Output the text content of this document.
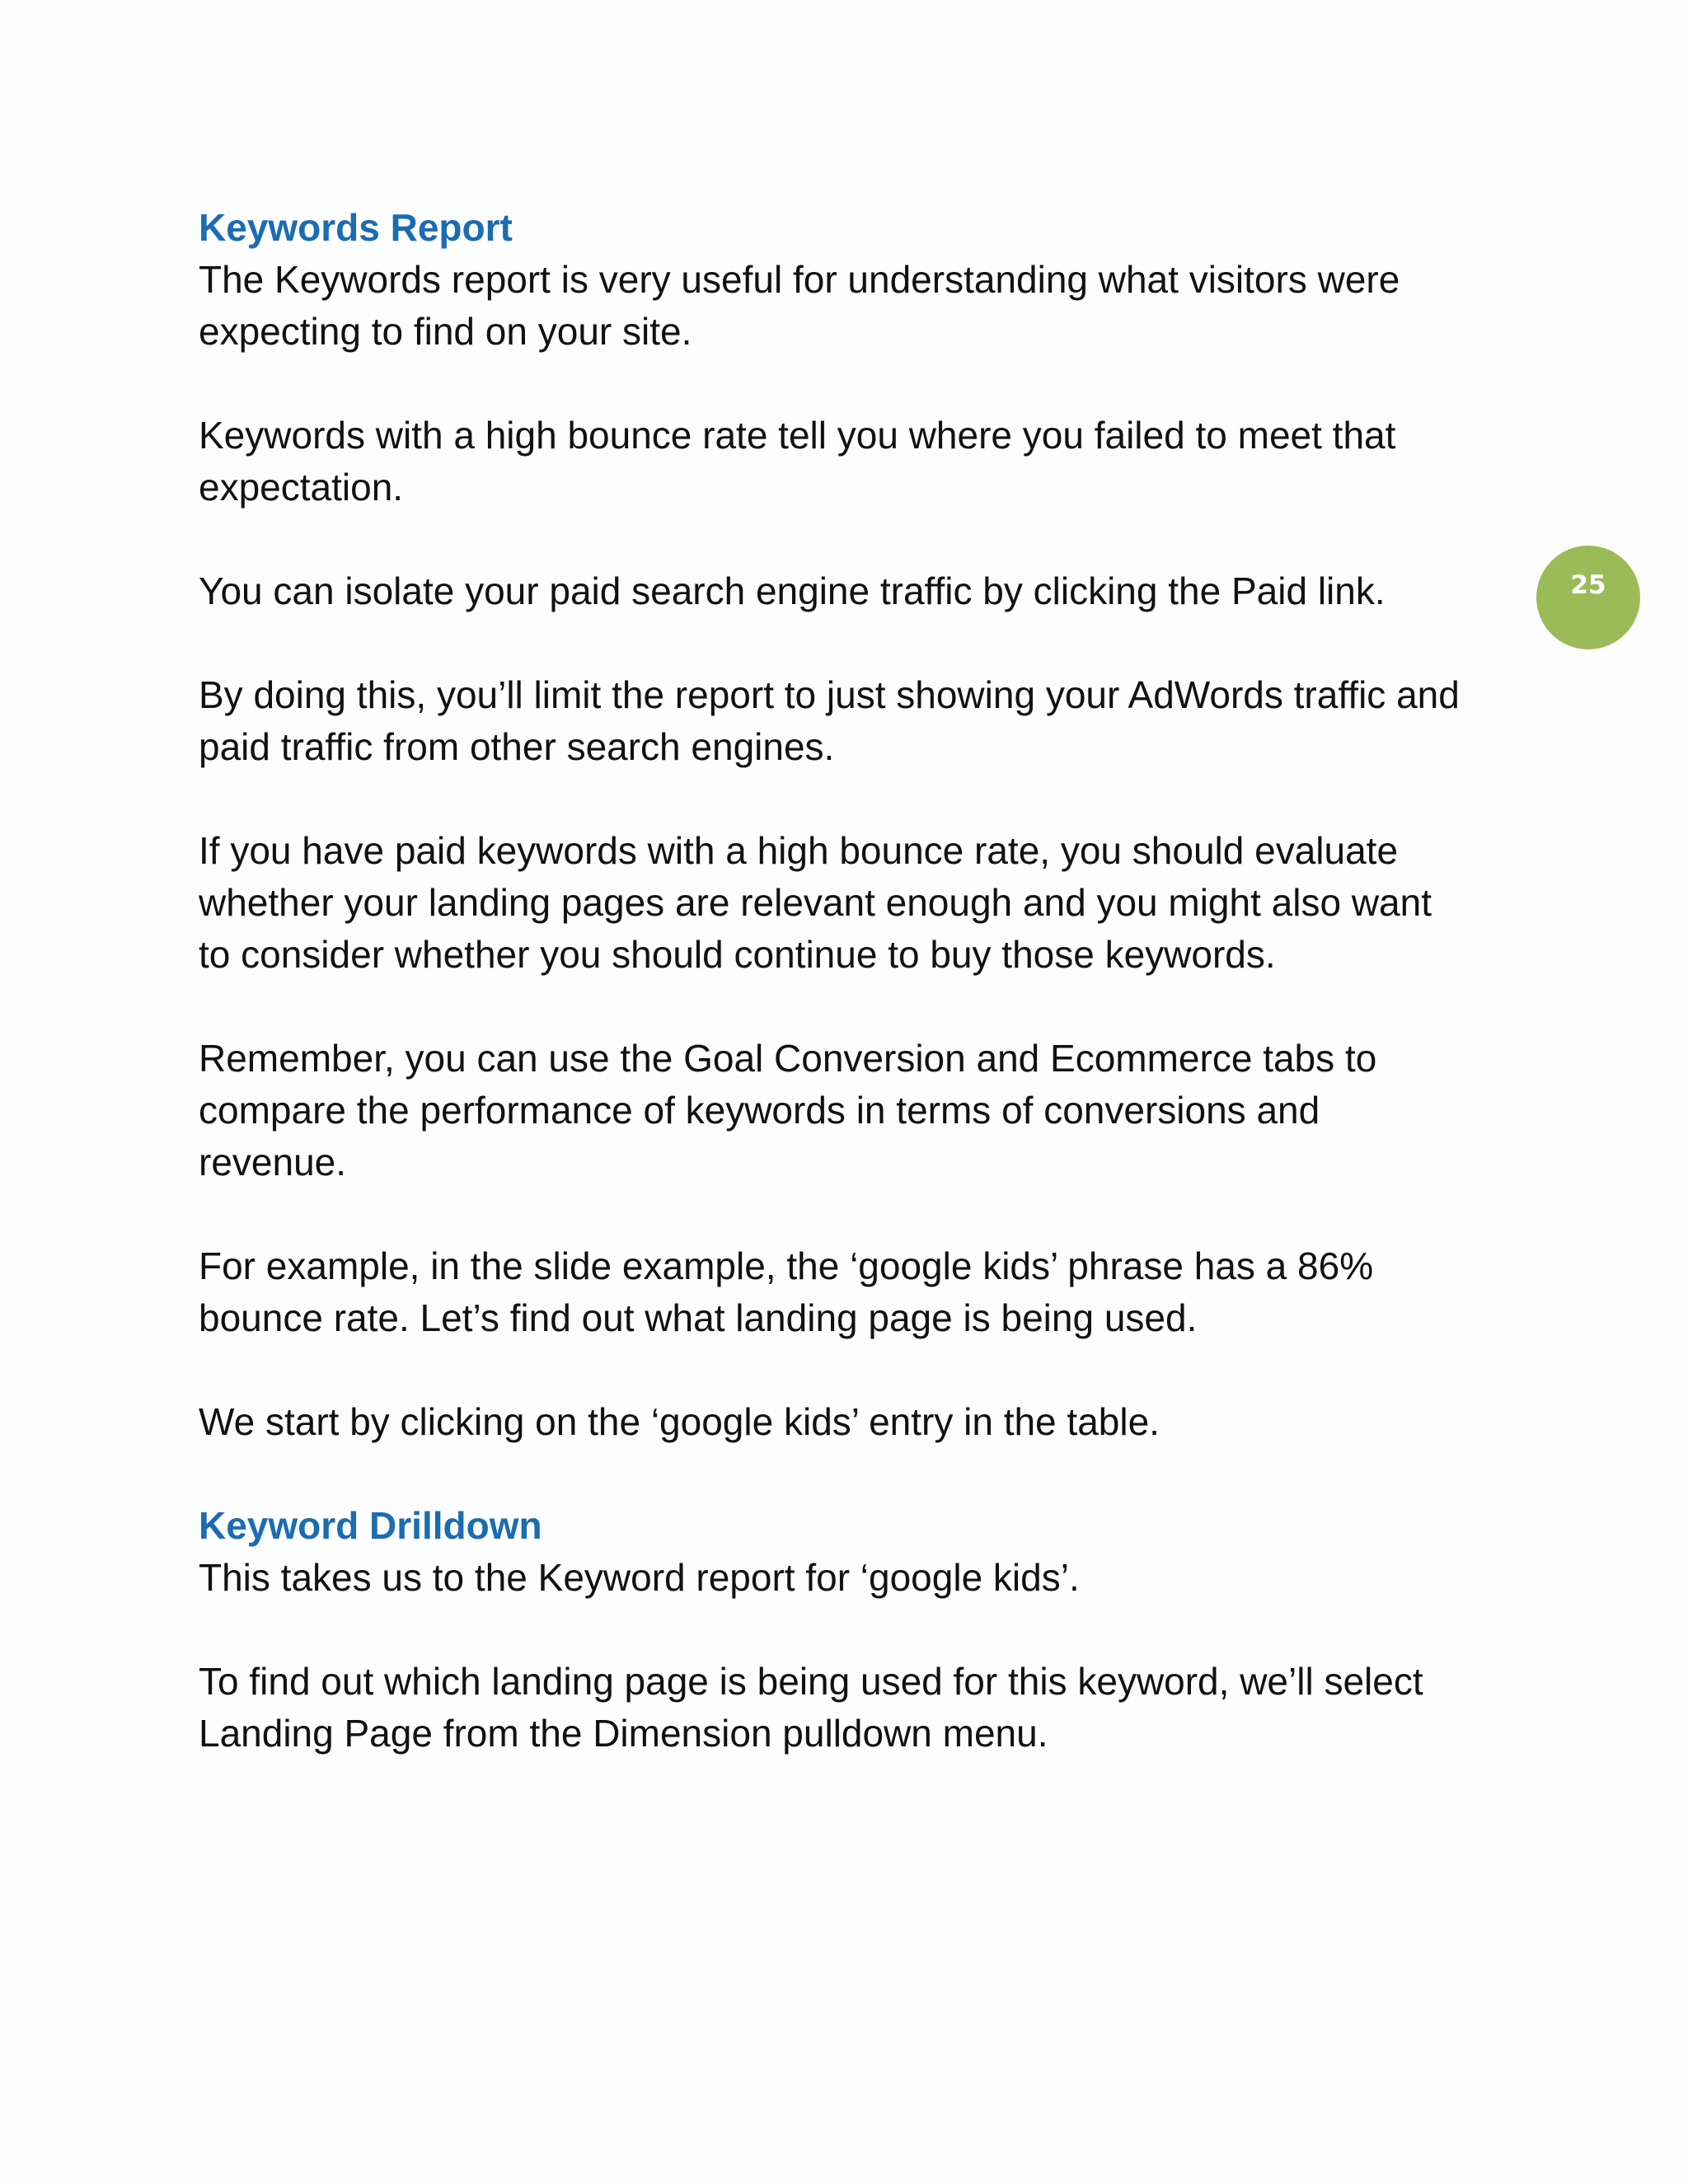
25
Keywords Report

The Keywords report is very useful for understanding what visitors were
expecting to find on your site.

Keywords with a high bounce rate tell you where you failed to meet that
expectation.

You can isolate your paid search engine traffic by clicking the Paid link.

By doing this, you’ll limit the report to just showing your AdWords traffic and
paid traffic from other search engines.

If you have paid keywords with a high bounce rate, you should evaluate
whether your landing pages are relevant enough and you might also want
to consider whether you should continue to buy those keywords.

Remember, you can use the Goal Conversion and Ecommerce tabs to
compare the performance of keywords in terms of conversions and
revenue.

For example, in the slide example, the ‘google kids’ phrase has a 86%
bounce rate. Let’s find out what landing page is being used.

We start by clicking on the ‘google kids’ entry in the table.

Keyword Drilldown

This takes us to the Keyword report for ‘google kids’.

To find out which landing page is being used for this keyword, we’ll select
Landing Page from the Dimension pulldown menu.
